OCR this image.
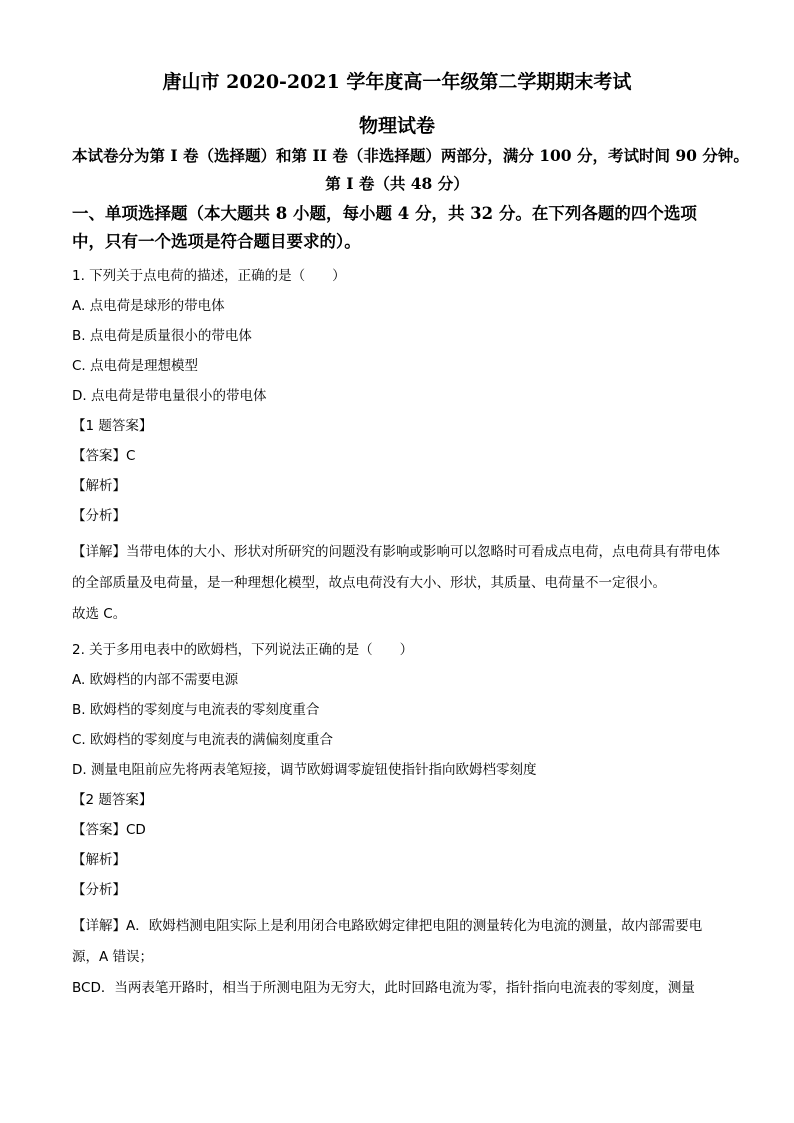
唐山市 2020-2021 学年度高一年级第二学期期末考试
物理试卷
本试卷分为第 I 卷（选择题）和第 II 卷（非选择题）两部分，满分 100 分，考试时间 90 分钟。
第 I 卷（共 48 分）
一、单项选择题（本大题共 8 小题，每小题 4 分，共 32 分。在下列各题的四个选项中，只有一个选项是符合题目要求的）。
1. 下列关于点电荷的描述，正确的是（　　）
A. 点电荷是球形的带电体
B. 点电荷是质量很小的带电体
C. 点电荷是理想模型
D. 点电荷是带电量很小的带电体
【1 题答案】
【答案】C
【解析】
【分析】
【详解】当带电体的大小、形状对所研究的问题没有影响或影响可以忽略时可看成点电荷，点电荷具有带电体的全部质量及电荷量，是一种理想化模型，故点电荷没有大小、形状，其质量、电荷量不一定很小。
故选 C。
2. 关于多用电表中的欧姆档，下列说法正确的是（　　）
A. 欧姆档的内部不需要电源
B. 欧姆档的零刻度与电流表的零刻度重合
C. 欧姆档的零刻度与电流表的满偏刻度重合
D. 测量电阻前应先将两表笔短接，调节欧姆调零旋钮使指针指向欧姆档零刻度
【2 题答案】
【答案】CD
【解析】
【分析】
【详解】A．欧姆档测电阻实际上是利用闭合电路欧姆定律把电阻的测量转化为电流的测量，故内部需要电源，A 错误；
BCD．当两表笔开路时，相当于所测电阻为无穷大，此时回路电流为零，指针指向电流表的零刻度，测量
